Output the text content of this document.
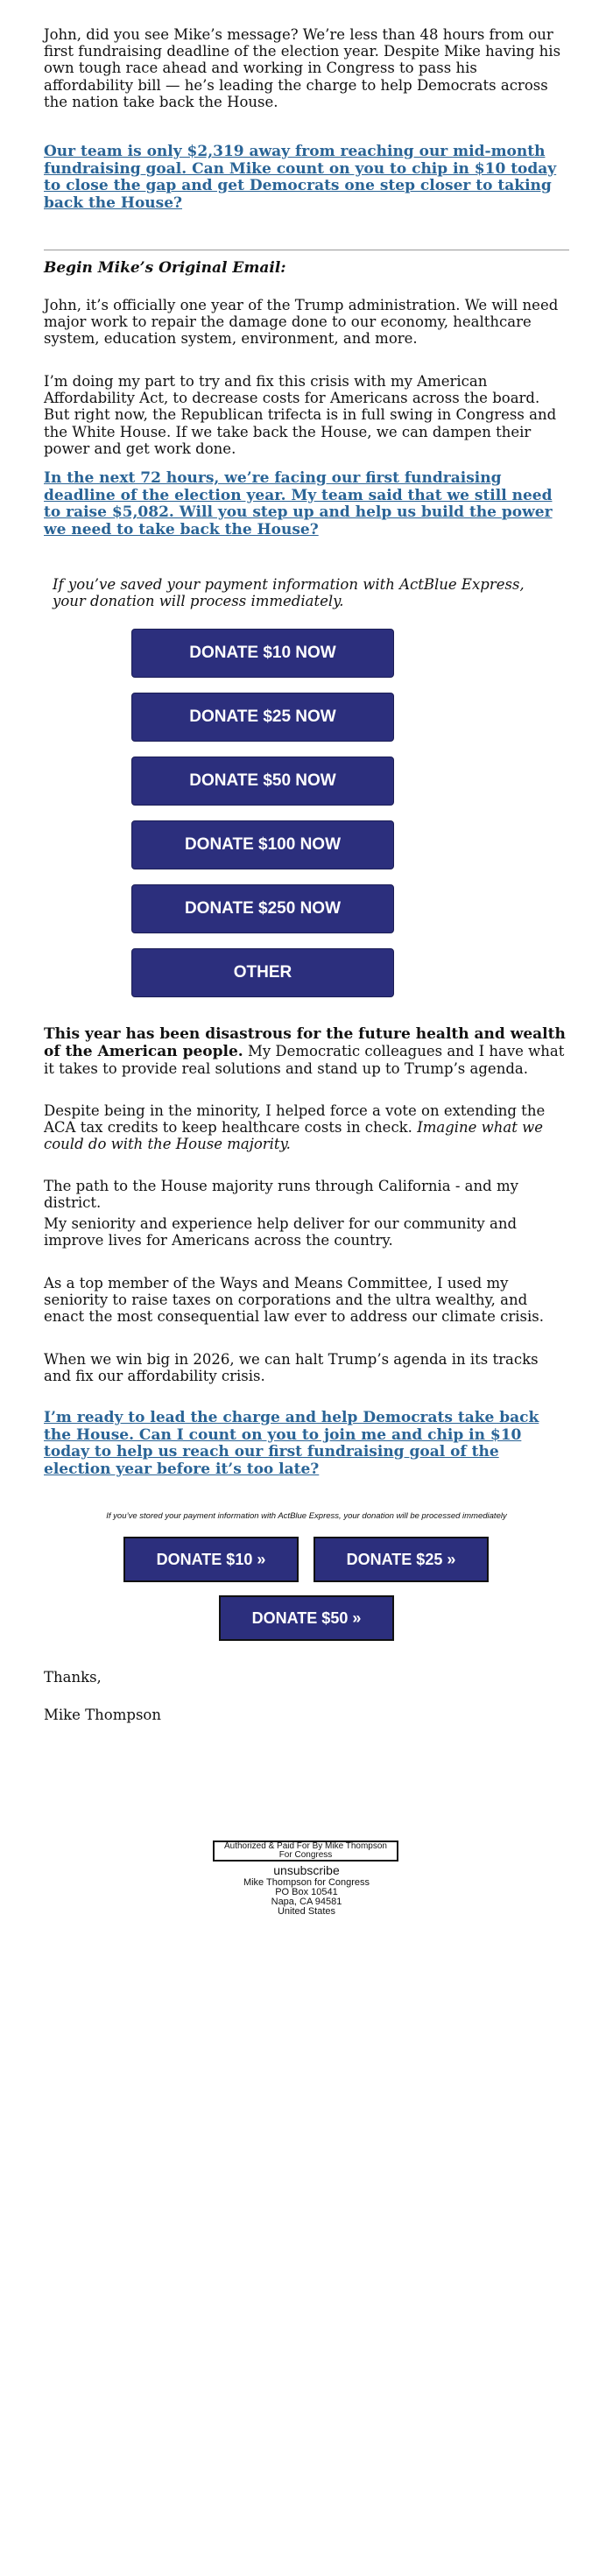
John, did you see Mike’s message? We’re less than 48 hours from our first fundraising deadline of the election year. Despite Mike having his own tough race ahead and working in Congress to pass his affordability bill — he’s leading the charge to help Democrats across the nation take back the House.

Our team is only $2,319 away from reaching our mid-month fundraising goal. Can Mike count on you to chip in $10 today to close the gap and get Democrats one step closer to taking back the House?

Begin Mike’s Original Email:

John, it’s officially one year of the Trump administration. We will need major work to repair the damage done to our economy, healthcare system, education system, environment, and more.

I’m doing my part to try and fix this crisis with my American Affordability Act, to decrease costs for Americans across the board. But right now, the Republican trifecta is in full swing in Congress and the White House. If we take back the House, we can dampen their power and get work done.

In the next 72 hours, we’re facing our first fundraising deadline of the election year. My team said that we still need to raise $5,082. Will you step up and help us build the power we need to take back the House?

If you’ve saved your payment information with ActBlue Express, your donation will process immediately.

DONATE $10 NOW
DONATE $25 NOW
DONATE $50 NOW
DONATE $100 NOW
DONATE $250 NOW
OTHER

This year has been disastrous for the future health and wealth of the American people. My Democratic colleagues and I have what it takes to provide real solutions and stand up to Trump’s agenda.

Despite being in the minority, I helped force a vote on extending the ACA tax credits to keep healthcare costs in check. Imagine what we could do with the House majority.

The path to the House majority runs through California - and my district.

My seniority and experience help deliver for our community and improve lives for Americans across the country.

As a top member of the Ways and Means Committee, I used my seniority to raise taxes on corporations and the ultra wealthy, and enact the most consequential law ever to address our climate crisis.

When we win big in 2026, we can halt Trump’s agenda in its tracks and fix our affordability crisis.

I’m ready to lead the charge and help Democrats take back the House. Can I count on you to join me and chip in $10 today to help us reach our first fundraising goal of the election year before it’s too late?
If you’ve stored your payment information with ActBlue Express, your donation will be processed immediately
DONATE $10 »	DONATE $25 »
DONATE $50 »

Thanks,

Mike Thompson

Authorized & Paid For By Mike Thompson For Congress
unsubscribe
Mike Thompson for Congress
PO Box 10541
Napa, CA 94581
United States
